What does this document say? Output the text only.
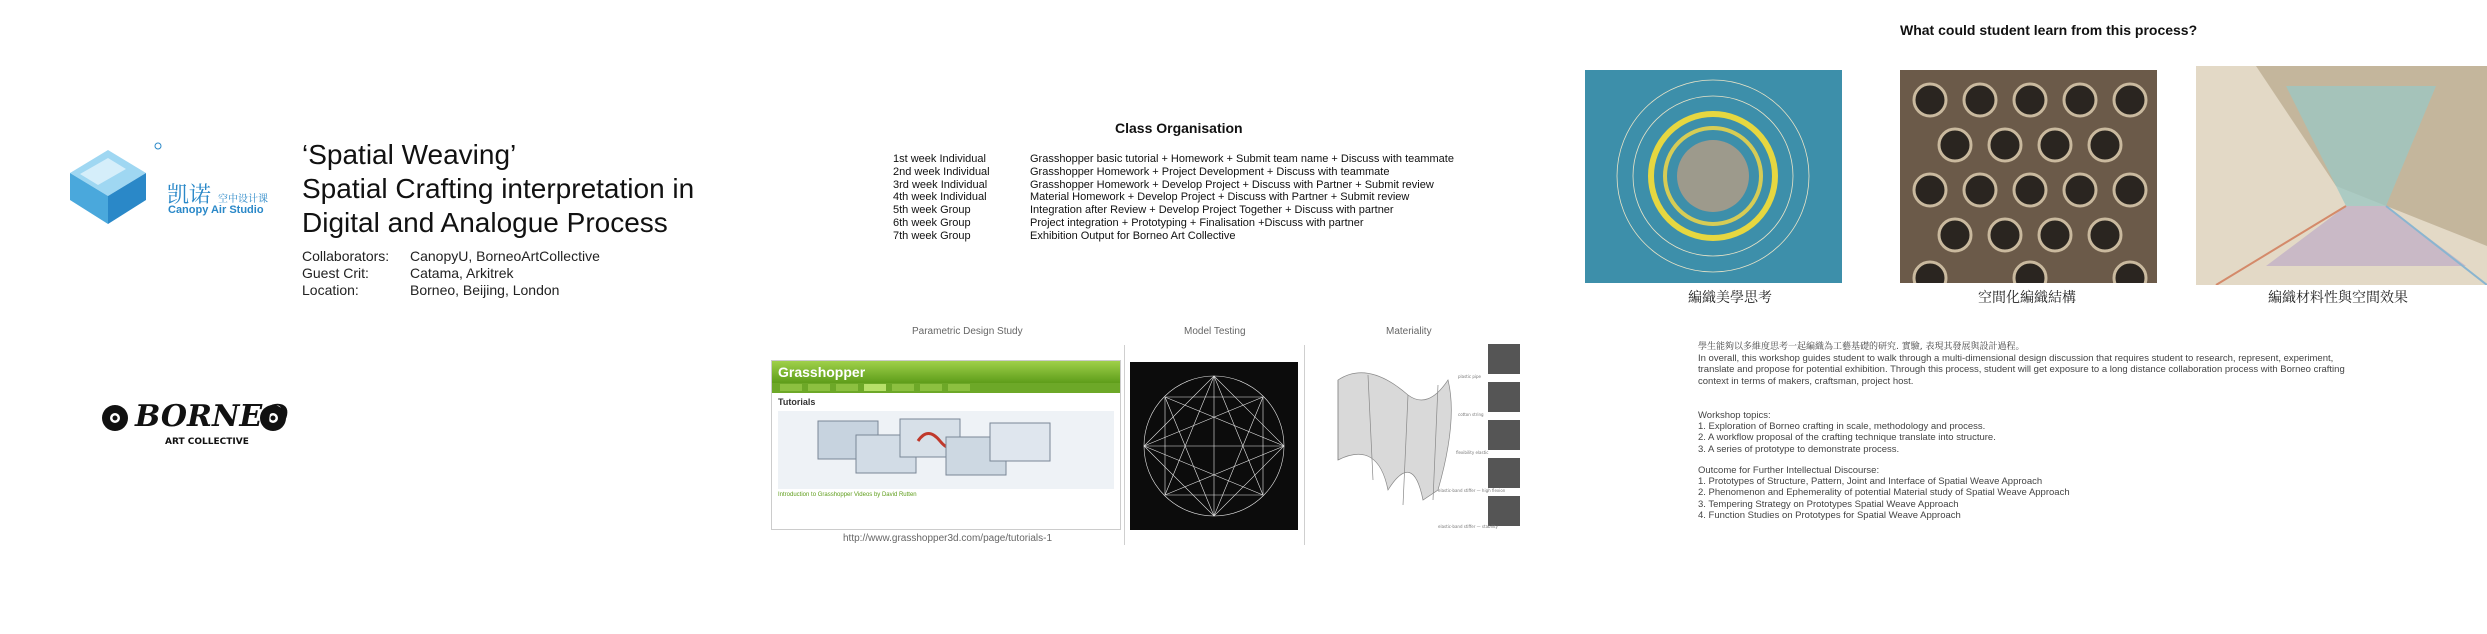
凯诺 空中设计课
Canopy Air Studio

‘Spatial Weaving’

Spatial Crafting interpretation in

Digital and Analogue Process

Collaborators:	CanopyU, BorneoArtCollective
Guest Crit:	Catama, Arkitrek
Location:	Borneo, Beijing, London
BORNEO
ART COLLECTIVE
Class Organisation
1st week Individual	Grasshopper basic tutorial + Homework + Submit team name + Discuss with teammate
2nd week Individual	Grasshopper Homework + Project Development + Discuss with teammate
3rd week Individual	Grasshopper Homework + Develop Project + Discuss with Partner + Submit review
4th week Individual	Material Homework + Develop Project + Discuss with Partner + Submit review
5th week Group	Integration after Review + Develop Project Together + Discuss with partner
6th week Group	Project integration + Prototyping + Finalisation +Discuss with partner
7th week Group	Exhibition Output for Borneo Art Collective
Parametric Design Study	Model Testing	Materiality
Grasshopper
Tutorials
Introduction to Grasshopper Videos by David Rutten
http://www.grasshopper3d.com/page/tutorials-1
plastic pipe
cotton string
flexibility elastic
elastic-band stiffer — high flexion
elastic-band stiffer — stability
What could student learn from this process?
編織美學思考	空間化編織結構	編織材料性與空間效果

學生能夠以多維度思考一起編織為工藝基礎的研究. 實驗, 表現其發展與設計過程。

In overall, this workshop guides student to walk through a multi-dimensional design discussion that requires student to research, represent, experiment, translate and propose for potential exhibition. Through this process, student will get exposure to a long distance collaboration process with Borneo crafting context in terms of makers, craftsman, project host.

Workshop topics:

1. Exploration of Borneo crafting in scale, methodology and process.

2. A workflow proposal of the crafting technique translate into structure.

3. A series of prototype to demonstrate process.

Outcome for Further Intellectual Discourse:

1. Prototypes of Structure, Pattern, Joint and Interface of Spatial Weave Approach

2. Phenomenon and Ephemerality of potential Material study of Spatial Weave Approach

3. Tempering Strategy on Prototypes Spatial Weave Approach

4. Function Studies on Prototypes for Spatial Weave Approach
